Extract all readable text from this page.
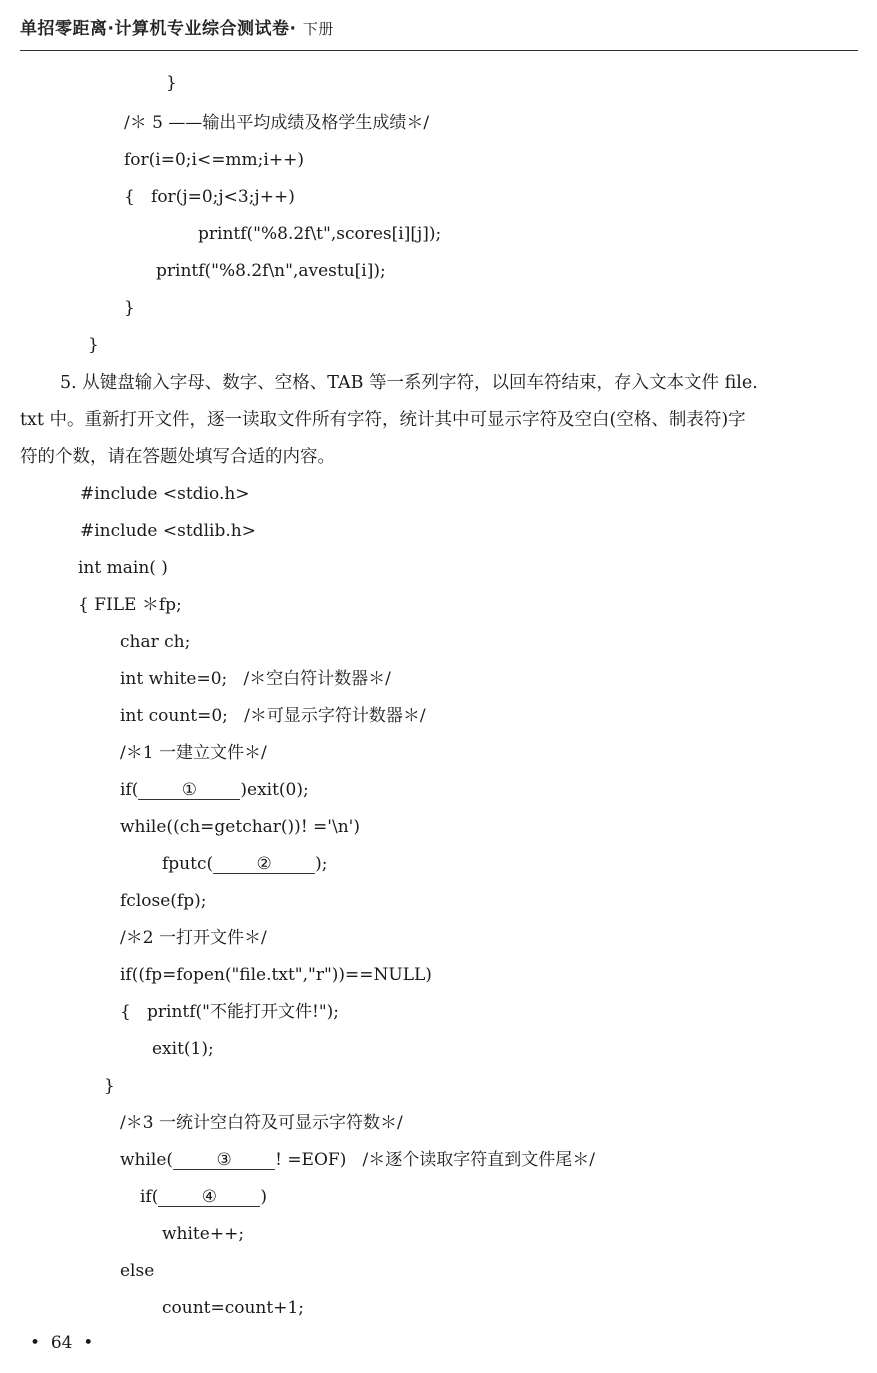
单招零距离·计算机专业综合测试卷· 下册
}
/＊ 5 ——输出平均成绩及格学生成绩＊/
for(i=0;i<=mm;i++)
{   for(j=0;j<3;j++)
printf("%8.2f\t",scores[i][j]);
printf("%8.2f\n",avestu[i]);
}
}
5. 从键盘输入字母、数字、空格、TAB 等一系列字符，以回车符结束，存入文本文件 file.
txt 中。重新打开文件，逐一读取文件所有字符，统计其中可显示字符及空白(空格、制表符)字
符的个数，请在答题处填写合适的内容。
#include <stdio.h>
#include <stdlib.h>
int main( )
{ FILE ＊fp;
char ch;
int white=0;   /＊空白符计数器＊/
int count=0;   /＊可显示字符计数器＊/
/＊1 一建立文件＊/
if(	①	)exit(0);
while((ch=getchar())! ='\n')
fputc(	②	);
fclose(fp);
/＊2 一打开文件＊/
if((fp=fopen("file.txt","r"))==NULL)
{   printf("不能打开文件!");
exit(1);
}
/＊3 一统计空白符及可显示字符数＊/
while(	③	! =EOF)   /＊逐个读取字符直到文件尾＊/
if(	④	)
white++;
else
count=count+1;
•  64  •
